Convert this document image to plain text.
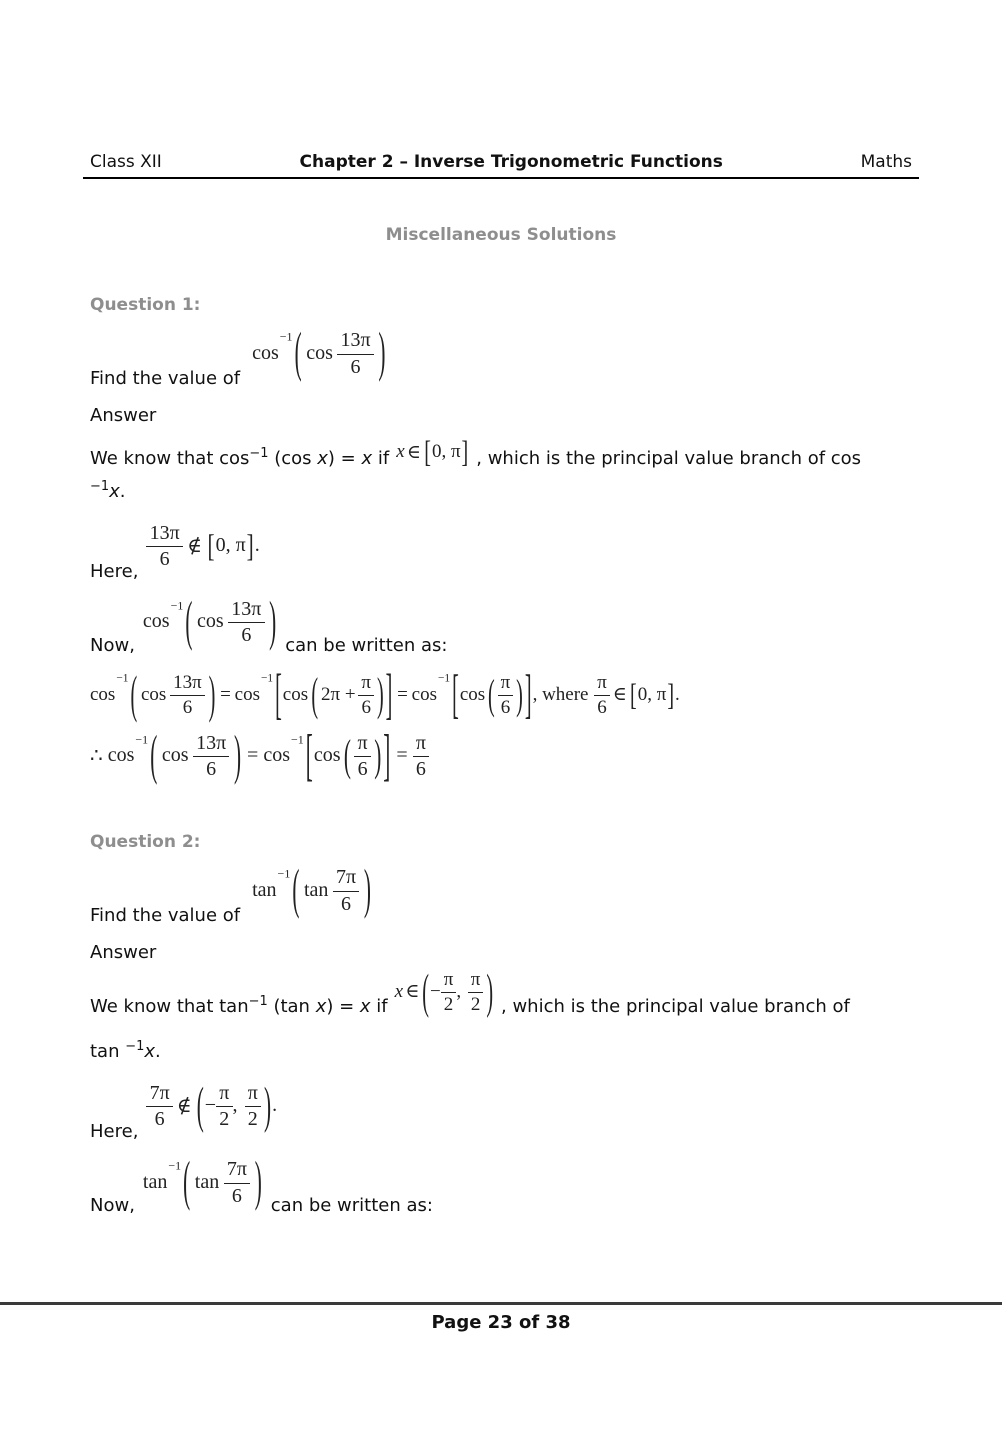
Class XII	Chapter 2 – Inverse Trigonometric Functions	Maths
Miscellaneous Solutions
Question 1:
Find the value of
cos
−1 ( $\cos \frac{13\pi}{6}$ )
Answer
We know that $\cos^{-1} (\cos$ x) = x if x ∈ [ 0, π ] , which is the principal value branch of cos
$^{-1}$x.
Here, $\frac{13\pi}{6}$ ∉ [ 0, π ] .
Now,
cos
−1 ( $\cos \frac{13\pi}{6}$ ) can be written as:
cos
−1 ( $\cos \frac{13\pi}{6}$ ) = cos
−1 [ cos ( $2\pi + \frac{\pi}{6}$ ) ] = cos
−1 [ cos ( $\frac{\pi}{6}$ ) ] , where $\frac{\pi}{6}$ ∈ [ 0, π ] .
∴ cos
−1 ( $\cos \frac{13\pi}{6}$ ) = cos
−1 [ cos ( $\frac{\pi}{6}$ ) ] = $\frac{\pi}{6}$
Question 2:
Find the value of
tan
−1 ( $\tan \frac{7\pi}{6}$ )
Answer
We know that $\tan^{-1} (\tan$ x) = x if
x ∈ ( − $\frac{\pi}{2}$ , $\frac{\pi}{2}$ ) , which is the principal value branch of
tan $^{-1}$x.
Here, $\frac{7\pi}{6}$ ∉ ( − $\frac{\pi}{2}$ , $\frac{\pi}{2}$ ) .
Now,
tan
−1 ( $\tan \frac{7\pi}{6}$ ) can be written as:
Page 23 of 38
